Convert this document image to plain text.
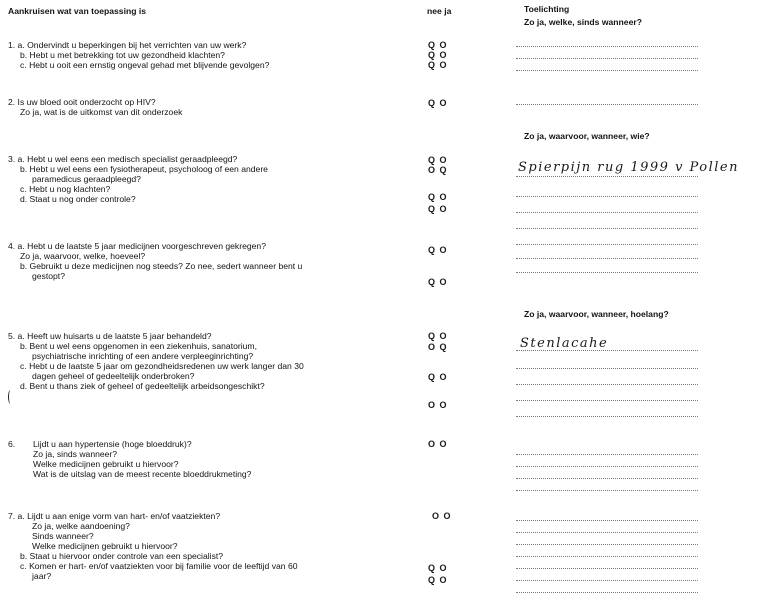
Aankruisen wat van toepassing is	nee ja	Toelichting
Zo ja, welke, sinds wanneer?
1. a. Ondervindt u beperkingen bij het verrichten van uw werk?
b. Hebt u met betrekking tot uw gezondheid klachten?
c. Hebt u ooit een ernstig ongeval gehad met blijvende gevolgen?
Q O
Q O
Q O
2. Is uw bloed ooit onderzocht op HIV?
Zo ja, wat is de uitkomst van dit onderzoek
Q O
Zo ja, waarvoor, wanneer, wie?
3. a. Hebt u wel eens een medisch specialist geraadpleegd?
b. Hebt u wel eens een fysiotherapeut, psycholoog of een andere
paramedicus geraadpleegd?
c. Hebt u nog klachten?
d. Staat u nog onder controle?
Q O
O Q
Q O
Q O
4. a. Hebt u de laatste 5 jaar medicijnen voorgeschreven gekregen?
Zo ja, waarvoor, welke, hoeveel?
b. Gebruikt u deze medicijnen nog steeds? Zo nee, sedert wanneer bent u
gestopt?
Q O
Q O
Zo ja, waarvoor, wanneer, hoelang?
5. a. Heeft uw huisarts u de laatste 5 jaar behandeld?
b. Bent u wel eens opgenomen in een ziekenhuis, sanatorium,
psychiatrische inrichting of een andere verpleeginrichting?
c. Hebt u de laatste 5 jaar om gezondheidsredenen uw werk langer dan 30
dagen geheel of gedeeltelijk onderbroken?
d. Bent u thans ziek of geheel of gedeeltelijk arbeidsongeschikt?
Q O
O Q
Q O
O O
6. Lijdt u aan hypertensie (hoge bloeddruk)?
Zo ja, sinds wanneer?
Welke medicijnen gebruikt u hiervoor?
Wat is de uitslag van de meest recente bloeddrukmeting?
O O
7. a. Lijdt u aan enige vorm van hart- en/of vaatziekten?
Zo ja, welke aandoening?
Sinds wanneer?
Welke medicijnen gebruikt u hiervoor?
b. Staat u hiervoor onder controle van een specialist?
c. Komen er hart- en/of vaatziekten voor bij familie voor de leeftijd van 60
jaar?
O O
Q O
Q O
Spierpijn rug 1999 v Pollen
Stenlacahe
